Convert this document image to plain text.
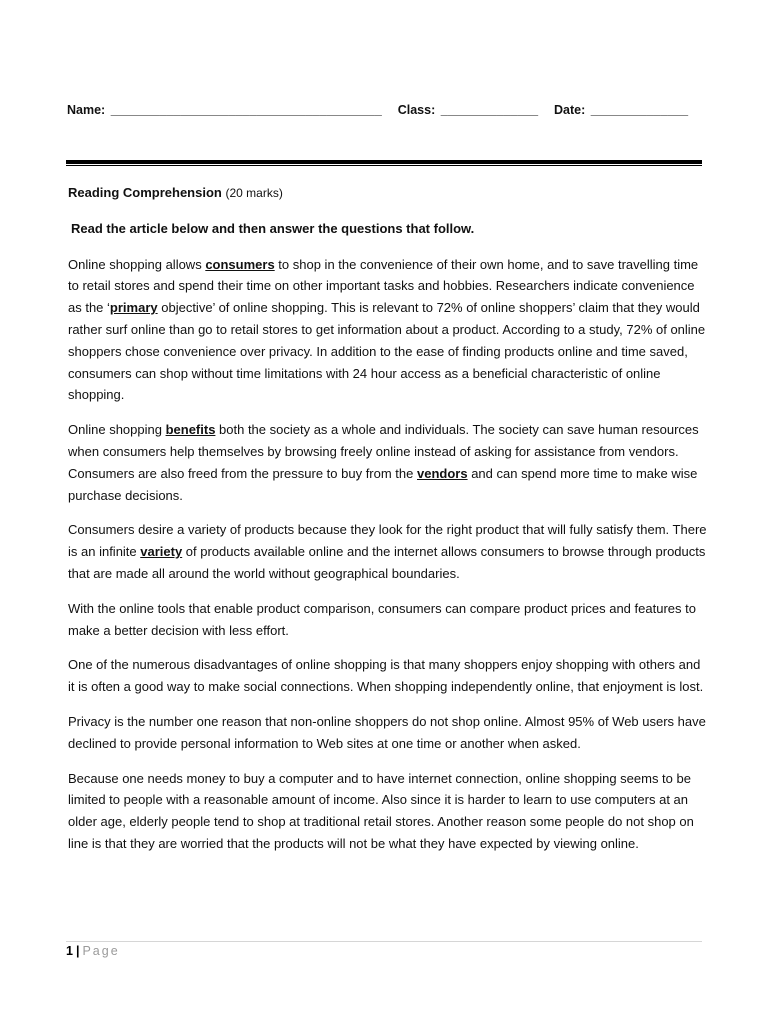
Name: _______________________________________ Class: ______________ Date: ______________
Reading Comprehension (20 marks)
Read the article below and then answer the questions that follow.

Online shopping allows consumers to shop in the convenience of their own home, and to save travelling time to retail stores and spend their time on other important tasks and hobbies. Researchers indicate convenience as the ‘primary objective’ of online shopping. This is relevant to 72% of online shoppers’ claim that they would rather surf online than go to retail stores to get information about a product. According to a study, 72% of online shoppers chose convenience over privacy. In addition to the ease of finding products online and time saved, consumers can shop without time limitations with 24 hour access as a beneficial characteristic of online shopping.

Online shopping benefits both the society as a whole and individuals. The society can save human resources when consumers help themselves by browsing freely online instead of asking for assistance from vendors. Consumers are also freed from the pressure to buy from the vendors and can spend more time to make wise purchase decisions.

Consumers desire a variety of products because they look for the right product that will fully satisfy them. There is an infinite variety of products available online and the internet allows consumers to browse through products that are made all around the world without geographical boundaries.

With the online tools that enable product comparison, consumers can compare product prices and features to make a better decision with less effort.

One of the numerous disadvantages of online shopping is that many shoppers enjoy shopping with others and it is often a good way to make social connections. When shopping independently online, that enjoyment is lost.

Privacy is the number one reason that non-online shoppers do not shop online. Almost 95% of Web users have declined to provide personal information to Web sites at one time or another when asked.

Because one needs money to buy a computer and to have internet connection, online shopping seems to be limited to people with a reasonable amount of income. Also since it is harder to learn to use computers at an older age, elderly people tend to shop at traditional retail stores. Another reason some people do not shop on line is that they are worried that the products will not be what they have expected by viewing online.

1 | Page
